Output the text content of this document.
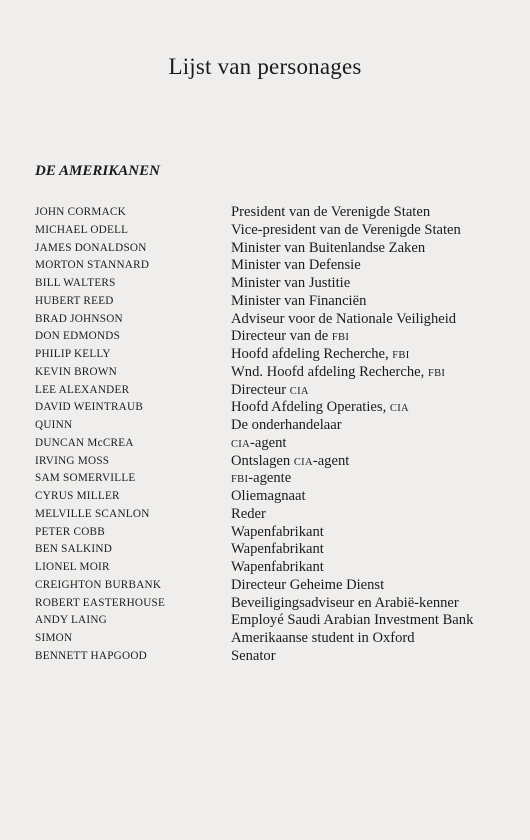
Lijst van personages
DE AMERIKANEN
JOHN CORMACK	President van de Verenigde Staten
MICHAEL ODELL	Vice-president van de Verenigde Staten
JAMES DONALDSON	Minister van Buitenlandse Zaken
MORTON STANNARD	Minister van Defensie
BILL WALTERS	Minister van Justitie
HUBERT REED	Minister van Financiën
BRAD JOHNSON	Adviseur voor de Nationale Veiligheid
DON EDMONDS	Directeur van de FBI
PHILIP KELLY	Hoofd afdeling Recherche, FBI
KEVIN BROWN	Wnd. Hoofd afdeling Recherche, FBI
LEE ALEXANDER	Directeur CIA
DAVID WEINTRAUB	Hoofd Afdeling Operaties, CIA
QUINN	De onderhandelaar
DUNCAN McCREA	CIA-agent
IRVING MOSS	Ontslagen CIA-agent
SAM SOMERVILLE	FBI-agente
CYRUS MILLER	Oliemagnaat
MELVILLE SCANLON	Reder
PETER COBB	Wapenfabrikant
BEN SALKIND	Wapenfabrikant
LIONEL MOIR	Wapenfabrikant
CREIGHTON BURBANK	Directeur Geheime Dienst
ROBERT EASTERHOUSE	Beveiligingsadviseur en Arabië-kenner
ANDY LAING	Employé Saudi Arabian Investment Bank
SIMON	Amerikaanse student in Oxford
BENNETT HAPGOOD	Senator
